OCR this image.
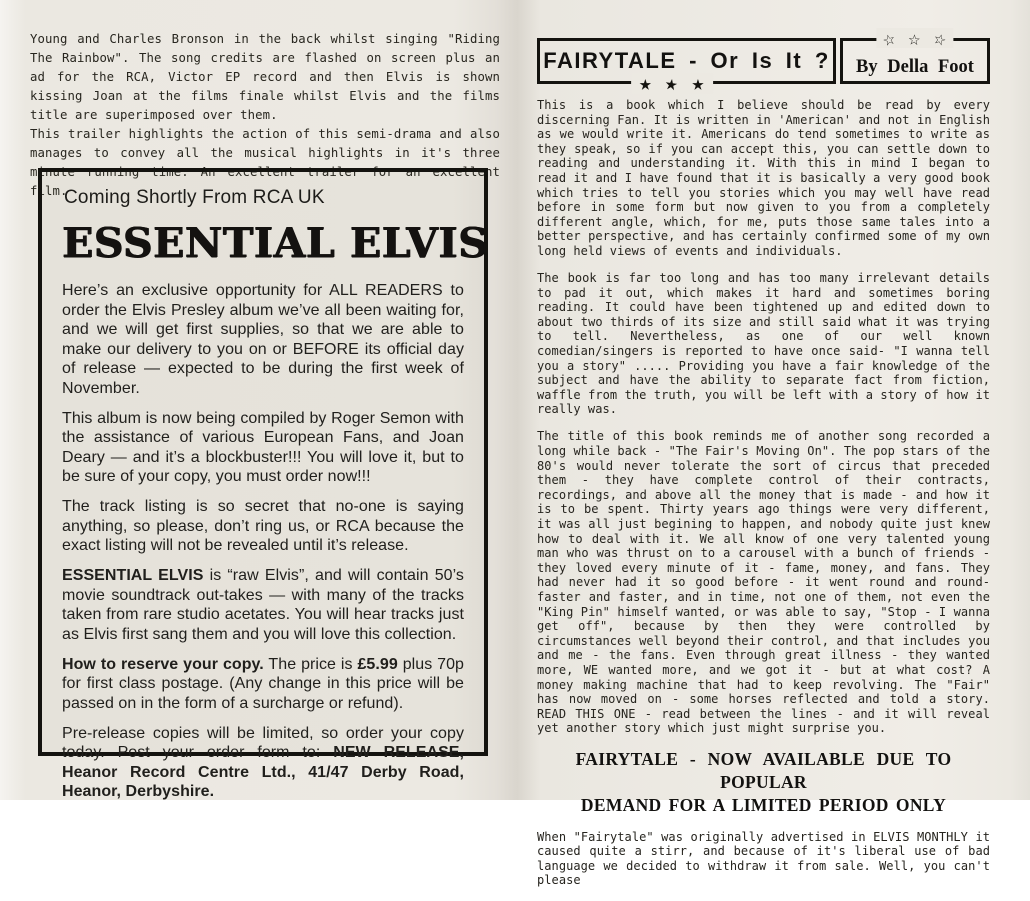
Young and Charles Bronson in the back whilst singing "Riding The Rainbow". The song credits are flashed on screen plus an ad for the RCA, Victor EP record and then Elvis is shown kissing Joan at the films finale whilst Elvis and the films title are superimposed over them.

This trailer highlights the action of this semi-drama and also manages to convey all the musical highlights in it's three minute running time. An excellent trailer for an excellent film.

Coming Shortly From RCA UK
ESSENTIAL ELVIS

Here’s an exclusive opportunity for ALL READERS to order the Elvis Presley album we’ve all been waiting for, and we will get first supplies, so that we are able to make our delivery to you on or BEFORE its official day of release — expected to be during the first week of November.

This album is now being compiled by Roger Semon with the assistance of various European Fans, and Joan Deary — and it’s a blockbuster!!! You will love it, but to be sure of your copy, you must order now!!!

The track listing is so secret that no-one is saying anything, so please, don’t ring us, or RCA because the exact listing will not be revealed until it’s release.

ESSENTIAL ELVIS is “raw Elvis”, and will contain 50’s movie soundtrack out-takes — with many of the tracks taken from rare studio acetates. You will hear tracks just as Elvis first sang them and you will love this collection.

How to reserve your copy. The price is £5.99 plus 70p for first class postage. (Any change in this price will be passed on in the form of a surcharge or refund).

Pre-release copies will be limited, so order your copy today. Post your order form to: NEW RELEASE, Heanor Record Centre Ltd., 41/47 Derby Road, Heanor, Derbyshire.

FAIRYTALE - Or Is It ?
★ ★ ★
☆ ☆ ☆
By Della Foot

This is a book which I believe should be read by every discerning Fan. It is written in 'American' and not in English as we would write it. Americans do tend sometimes to write as they speak, so if you can accept this, you can settle down to reading and understanding it. With this in mind I began to read it and I have found that it is basically a very good book which tries to tell you stories which you may well have read before in some form but now given to you from a completely different angle, which, for me, puts those same tales into a better perspective, and has certainly confirmed some of my own long held views of events and individuals.

The book is far too long and has too many irrelevant details to pad it out, which makes it hard and sometimes boring reading. It could have been tightened up and edited down to about two thirds of its size and still said what it was trying to tell. Nevertheless, as one of our well known comedian/singers is reported to have once said- "I wanna tell you a story" ..... Providing you have a fair knowledge of the subject and have the ability to separate fact from fiction, waffle from the truth, you will be left with a story of how it really was.

The title of this book reminds me of another song recorded a long while back - "The Fair's Moving On". The pop stars of the 80's would never tolerate the sort of circus that preceded them - they have complete control of their contracts, recordings, and above all the money that is made - and how it is to be spent. Thirty years ago things were very different, it was all just begining to happen, and nobody quite just knew how to deal with it. We all know of one very talented young man who was thrust on to a carousel with a bunch of friends - they loved every minute of it - fame, money, and fans. They had never had it so good before - it went round and round- faster and faster, and in time, not one of them, not even the "King Pin" himself wanted, or was able to say, "Stop - I wanna get off", because by then they were controlled by circumstances well beyond their control, and that includes you and me - the fans. Even through great illness - they wanted more, WE wanted more, and we got it - but at what cost? A money making machine that had to keep revolving. The "Fair" has now moved on - some horses reflected and told a story. READ THIS ONE - read between the lines - and it will reveal yet another story which just might surprise you.

FAIRYTALE - NOW AVAILABLE DUE TO POPULAR
DEMAND FOR A LIMITED PERIOD ONLY

When "Fairytale" was originally advertised in ELVIS MONTHLY it caused quite a stirr, and because of it's liberal use of bad language we decided to withdraw it from sale. Well, you can't please
